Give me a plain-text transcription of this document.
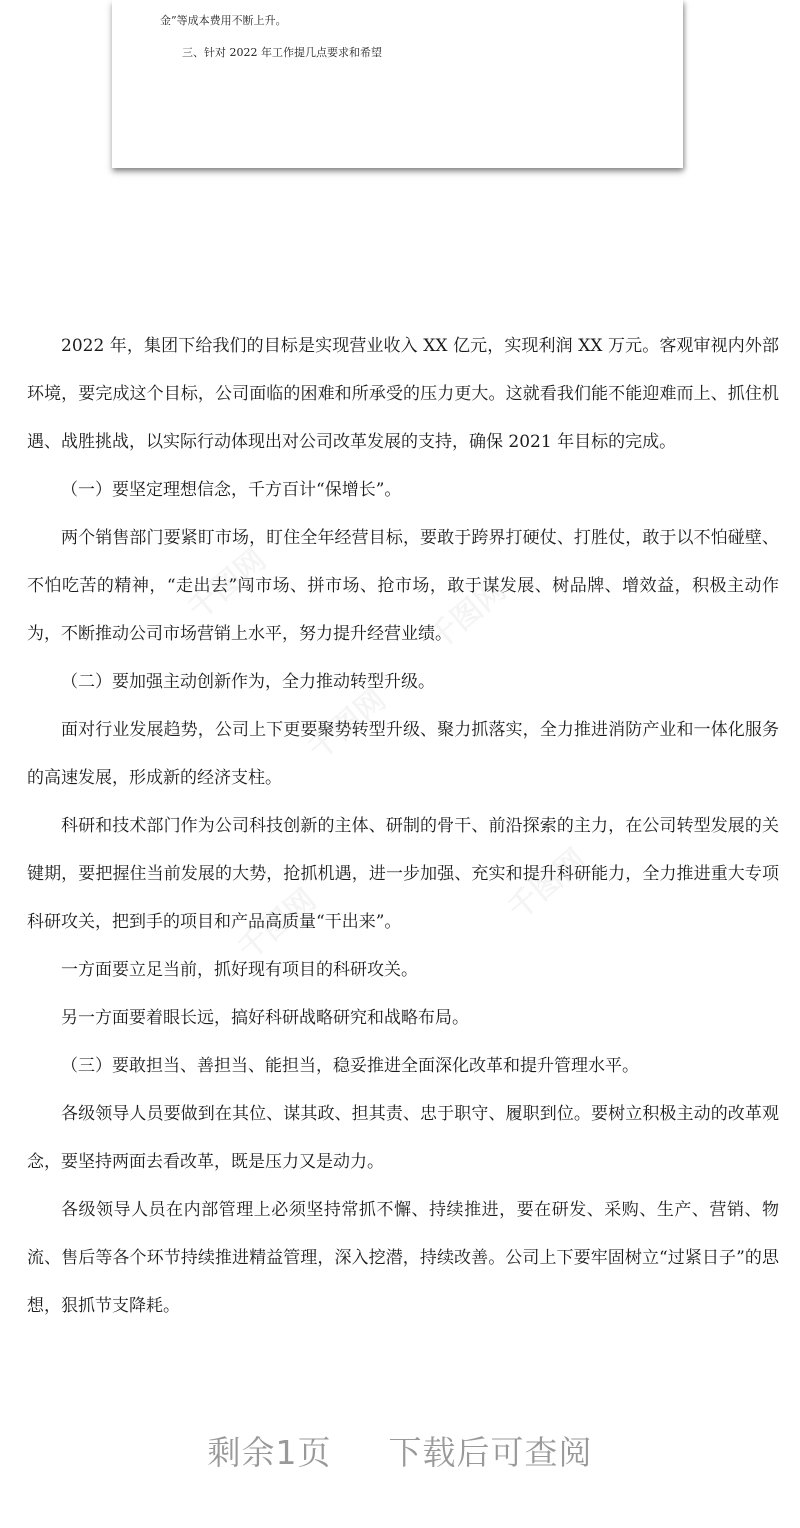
金”等成本费用不断上升。
三、针对 2022 年工作提几点要求和希望

2022 年，集团下给我们的目标是实现营业收入 XX 亿元，实现利润 XX 万元。客观审视内外部环境，要完成这个目标，公司面临的困难和所承受的压力更大。这就看我们能不能迎难而上、抓住机遇、战胜挑战，以实际行动体现出对公司改革发展的支持，确保 2021 年目标的完成。

（一）要坚定理想信念，千方百计“保增长”。

两个销售部门要紧盯市场，盯住全年经营目标，要敢于跨界打硬仗、打胜仗，敢于以不怕碰壁、不怕吃苦的精神，“走出去”闯市场、拼市场、抢市场，敢于谋发展、树品牌、增效益，积极主动作为，不断推动公司市场营销上水平，努力提升经营业绩。

（二）要加强主动创新作为，全力推动转型升级。

面对行业发展趋势，公司上下更要聚势转型升级、聚力抓落实，全力推进消防产业和一体化服务的高速发展，形成新的经济支柱。

科研和技术部门作为公司科技创新的主体、研制的骨干、前沿探索的主力，在公司转型发展的关键期，要把握住当前发展的大势，抢抓机遇，进一步加强、充实和提升科研能力，全力推进重大专项科研攻关，把到手的项目和产品高质量“干出来”。

一方面要立足当前，抓好现有项目的科研攻关。

另一方面要着眼长远，搞好科研战略研究和战略布局。

（三）要敢担当、善担当、能担当，稳妥推进全面深化改革和提升管理水平。

各级领导人员要做到在其位、谋其政、担其责、忠于职守、履职到位。要树立积极主动的改革观念，要坚持两面去看改革，既是压力又是动力。

各级领导人员在内部管理上必须坚持常抓不懈、持续推进，要在研发、采购、生产、营销、物流、售后等各个环节持续推进精益管理，深入挖潜，持续改善。公司上下要牢固树立“过紧日子”的思想，狠抓节支降耗。

剩余1页 下载后可查阅
